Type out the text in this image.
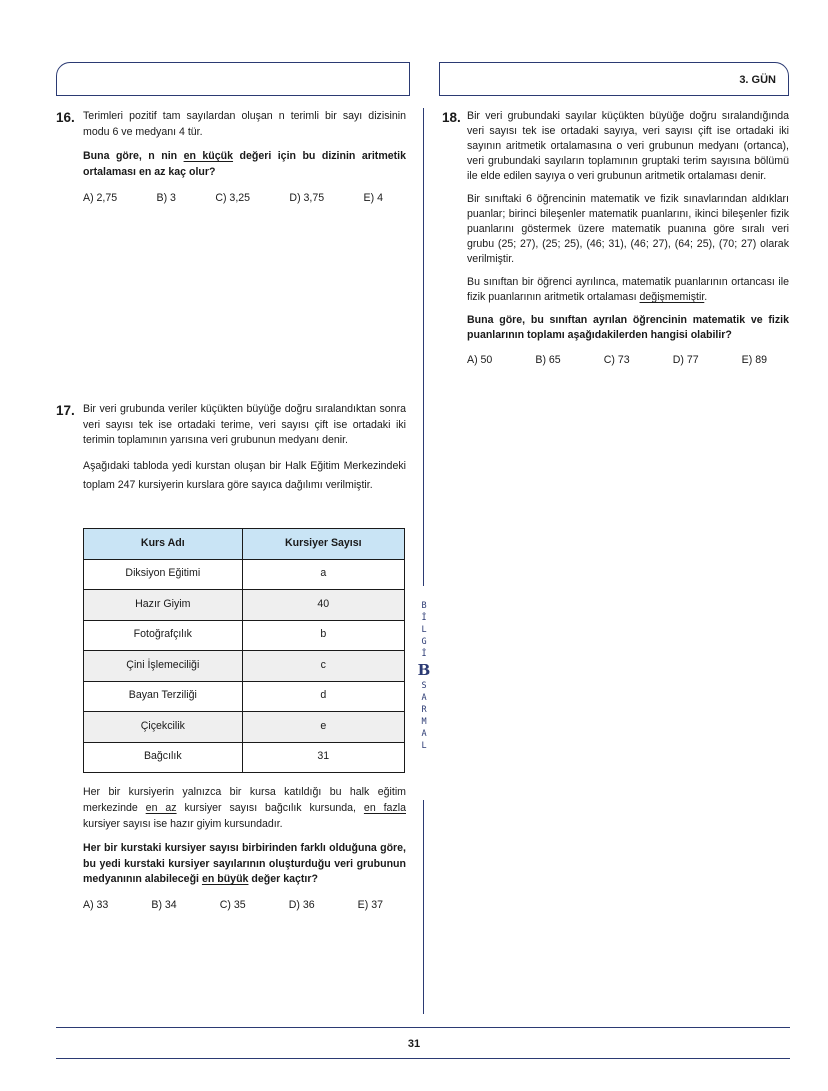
3. GÜN
16. Terimleri pozitif tam sayılardan oluşan n terimli bir sayı dizisinin modu 6 ve medyanı 4 tür.

Buna göre, n nin en küçük değeri için bu dizinin aritmetik ortalaması en az kaç olur?

A) 2,75	B) 3	C) 3,25	D) 3,75	E) 4
17. Bir veri grubunda veriler küçükten büyüğe doğru sıralandıktan sonra veri sayısı tek ise ortadaki terime, veri sayısı çift ise ortadaki iki terimin toplamının yarısına veri grubunun medyanı denir.

Aşağıdaki tabloda yedi kurstan oluşan bir Halk Eğitim Merkezindeki toplam 247 kursiyerin kurslara göre sayıca dağılımı verilmiştir.

Kurs Adı	Kursiyer Sayısı
Diksiyon Eğitimi	a
Hazır Giyim	40
Fotoğrafçılık	b
Çini İşlemeciliği	c
Bayan Terziliği	d
Çiçekcilik	e
Bağcılık	31

Her bir kursiyerin yalnızca bir kursa katıldığı bu halk eğitim merkezinde en az kursiyer sayısı bağcılık kursunda, en fazla kursiyer sayısı ise hazır giyim kursundadır.

Her bir kurstaki kursiyer sayısı birbirinden farklı olduğuna göre, bu yedi kurstaki kursiyer sayılarının oluşturduğu veri grubunun medyanının alabileceği en büyük değer kaçtır?

A) 33	B) 34	C) 35	D) 36	E) 37
B
İ
L
G
İ
B
S
A
R
M
A
L
18. Bir veri grubundaki sayılar küçükten büyüğe doğru sıralandığında veri sayısı tek ise ortadaki sayıya, veri sayısı çift ise ortadaki iki sayının aritmetik ortalamasına o veri grubunun medyanı (ortanca), veri grubundaki sayıların toplamının gruptaki terim sayısına bölümü ile elde edilen sayıya o veri grubunun aritmetik ortalaması denir.

Bir sınıftaki 6 öğrencinin matematik ve fizik sınavlarından aldıkları puanlar; birinci bileşenler matematik puanlarını, ikinci bileşenler fizik puanlarını göstermek üzere matematik puanına göre sıralı veri grubu (25; 27), (25; 25), (46; 31), (46; 27), (64; 25), (70; 27) olarak verilmiştir.

Bu sınıftan bir öğrenci ayrılınca, matematik puanlarının ortancası ile fizik puanlarının aritmetik ortalaması değişmemiştir.

Buna göre, bu sınıftan ayrılan öğrencinin matematik ve fizik puanlarının toplamı aşağıdakilerden hangisi olabilir?

A) 50	B) 65	C) 73	D) 77	E) 89
31
